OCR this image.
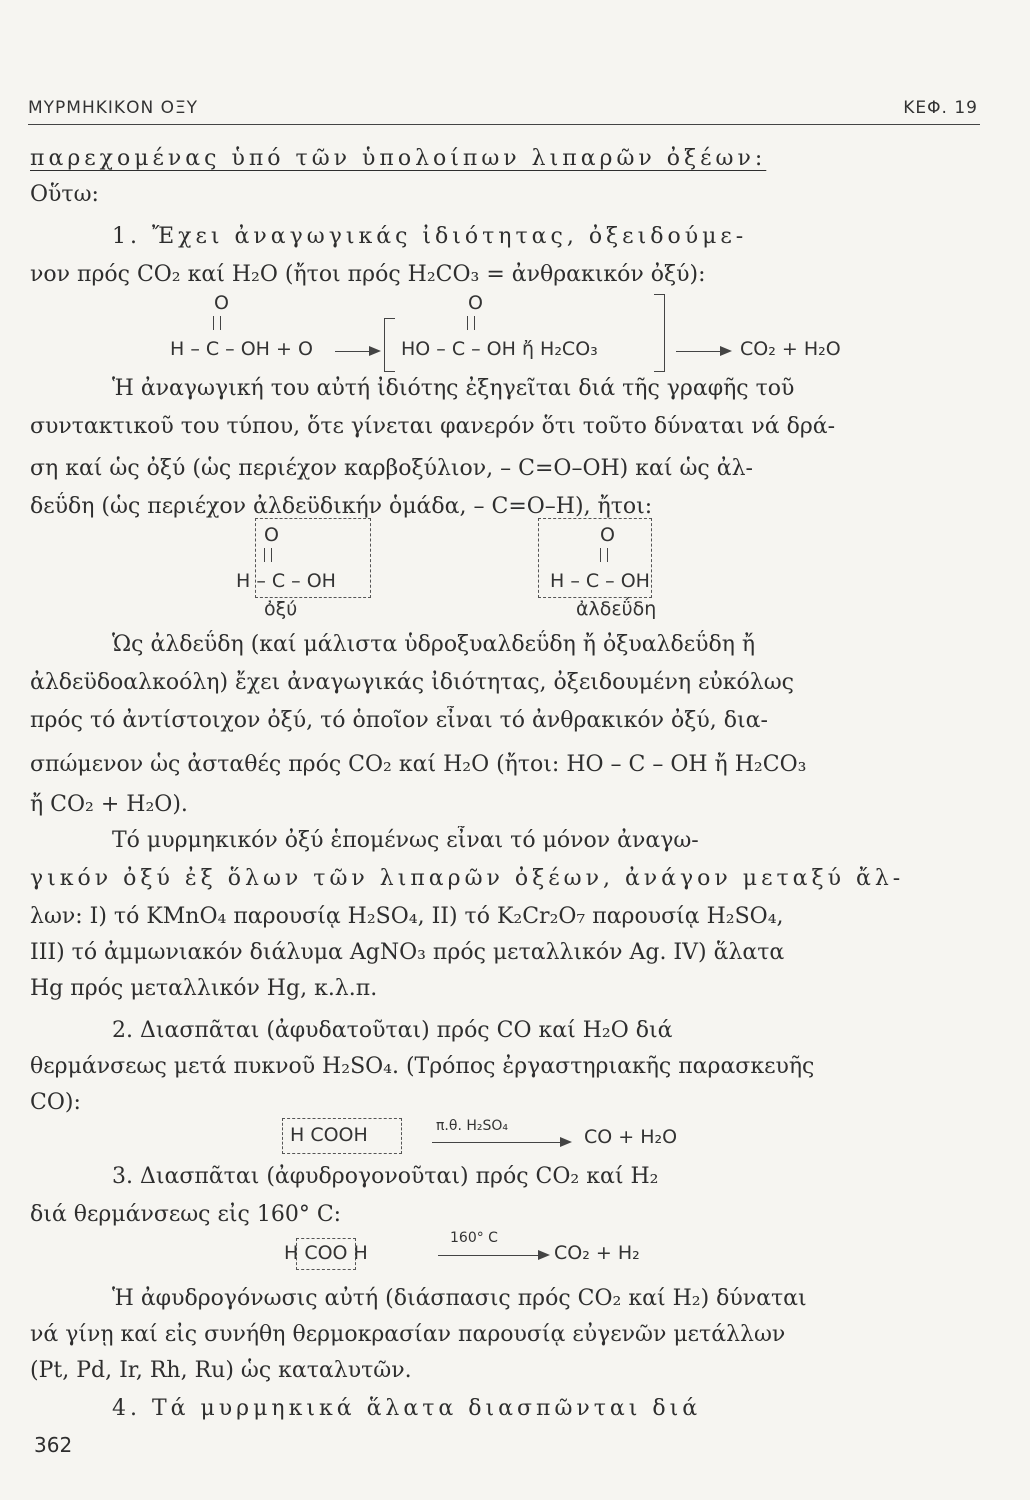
ΜΥΡΜΗΚΙΚΟΝ ΟΞΥ	ΚΕΦ. 19
παρεχομένας ὑπό τῶν ὑπολοίπων λιπαρῶν ὀξέων:
Οὕτω:
1. Ἔχει ἀναγωγικάς ἰδιότητας, ὀξειδούμε-
νον πρός CO₂ καί H₂O (ἤτοι πρός H₂CO₃ = ἀνθρακικόν ὀξύ):
O
H – C – OH + O
O
HO – C – OH ἤ H₂CO₃	CO₂ + H₂O
Ἡ ἀναγωγική του αὐτή ἰδιότης ἐξηγεῖται διά τῆς γραφῆς τοῦ
συντακτικοῦ του τύπου, ὅτε γίνεται φανερόν ὅτι τοῦτο δύναται νά δρά-
ση καί ὡς ὀξύ (ὡς περιέχον καρβοξύλιον, – C=O–OH) καί ὡς ἀλ-
δεΰδη (ὡς περιέχον ἀλδεϋδικήν ὁμάδα, – C=O–H), ἤτοι:
O
H – C – OH
ὀξύ
O
H – C – OH
ἀλδεΰδη
Ὡς ἀλδεΰδη (καί μάλιστα ὑδροξυαλδεΰδη ἤ ὀξυαλδεΰδη ἤ
ἀλδεϋδοαλκοόλη) ἔχει ἀναγωγικάς ἰδιότητας, ὀξειδουμένη εὐκόλως
πρός τό ἀντίστοιχον ὀξύ, τό ὁποῖον εἶναι τό ἀνθρακικόν ὀξύ, δια-
σπώμενον ὡς ἀσταθές πρός CO₂ καί H₂O (ἤτοι: HO – C – OH ἤ H₂CO₃
ἤ CO₂ + H₂O).
Τό μυρμηκικόν ὀξύ ἑπομένως εἶναι τό μόνον ἀναγω-
γικόν ὀξύ ἐξ ὅλων τῶν λιπαρῶν ὀξέων, ἀνάγον μεταξύ ἄλ-
λων: I) τό KMnO₄ παρουσίᾳ H₂SO₄, II) τό K₂Cr₂O₇ παρουσίᾳ H₂SO₄,
III) τό ἀμμωνιακόν διάλυμα AgNO₃ πρός μεταλλικόν Ag. IV) ἅλατα
Hg πρός μεταλλικόν Hg, κ.λ.π.
2. Διασπᾶται (ἀφυδατοῦται) πρός CO καί H₂O διά
θερμάνσεως μετά πυκνοῦ H₂SO₄. (Τρόπος ἐργαστηριακῆς παρασκευῆς
CO):
H COOH	π.θ. H₂SO₄	CO + H₂O
3. Διασπᾶται (ἀφυδρογονοῦται) πρός CO₂ καί H₂
διά θερμάνσεως εἰς 160° C:
H COO H
160° C
CO₂ + H₂
Ἡ ἀφυδρογόνωσις αὐτή (διάσπασις πρός CO₂ καί H₂) δύναται
νά γίνῃ καί εἰς συνήθη θερμοκρασίαν παρουσίᾳ εὐγενῶν μετάλλων
(Pt, Pd, Ir, Rh, Ru) ὡς καταλυτῶν.
4. Τά μυρμηκικά ἅλατα διασπῶνται διά
362
